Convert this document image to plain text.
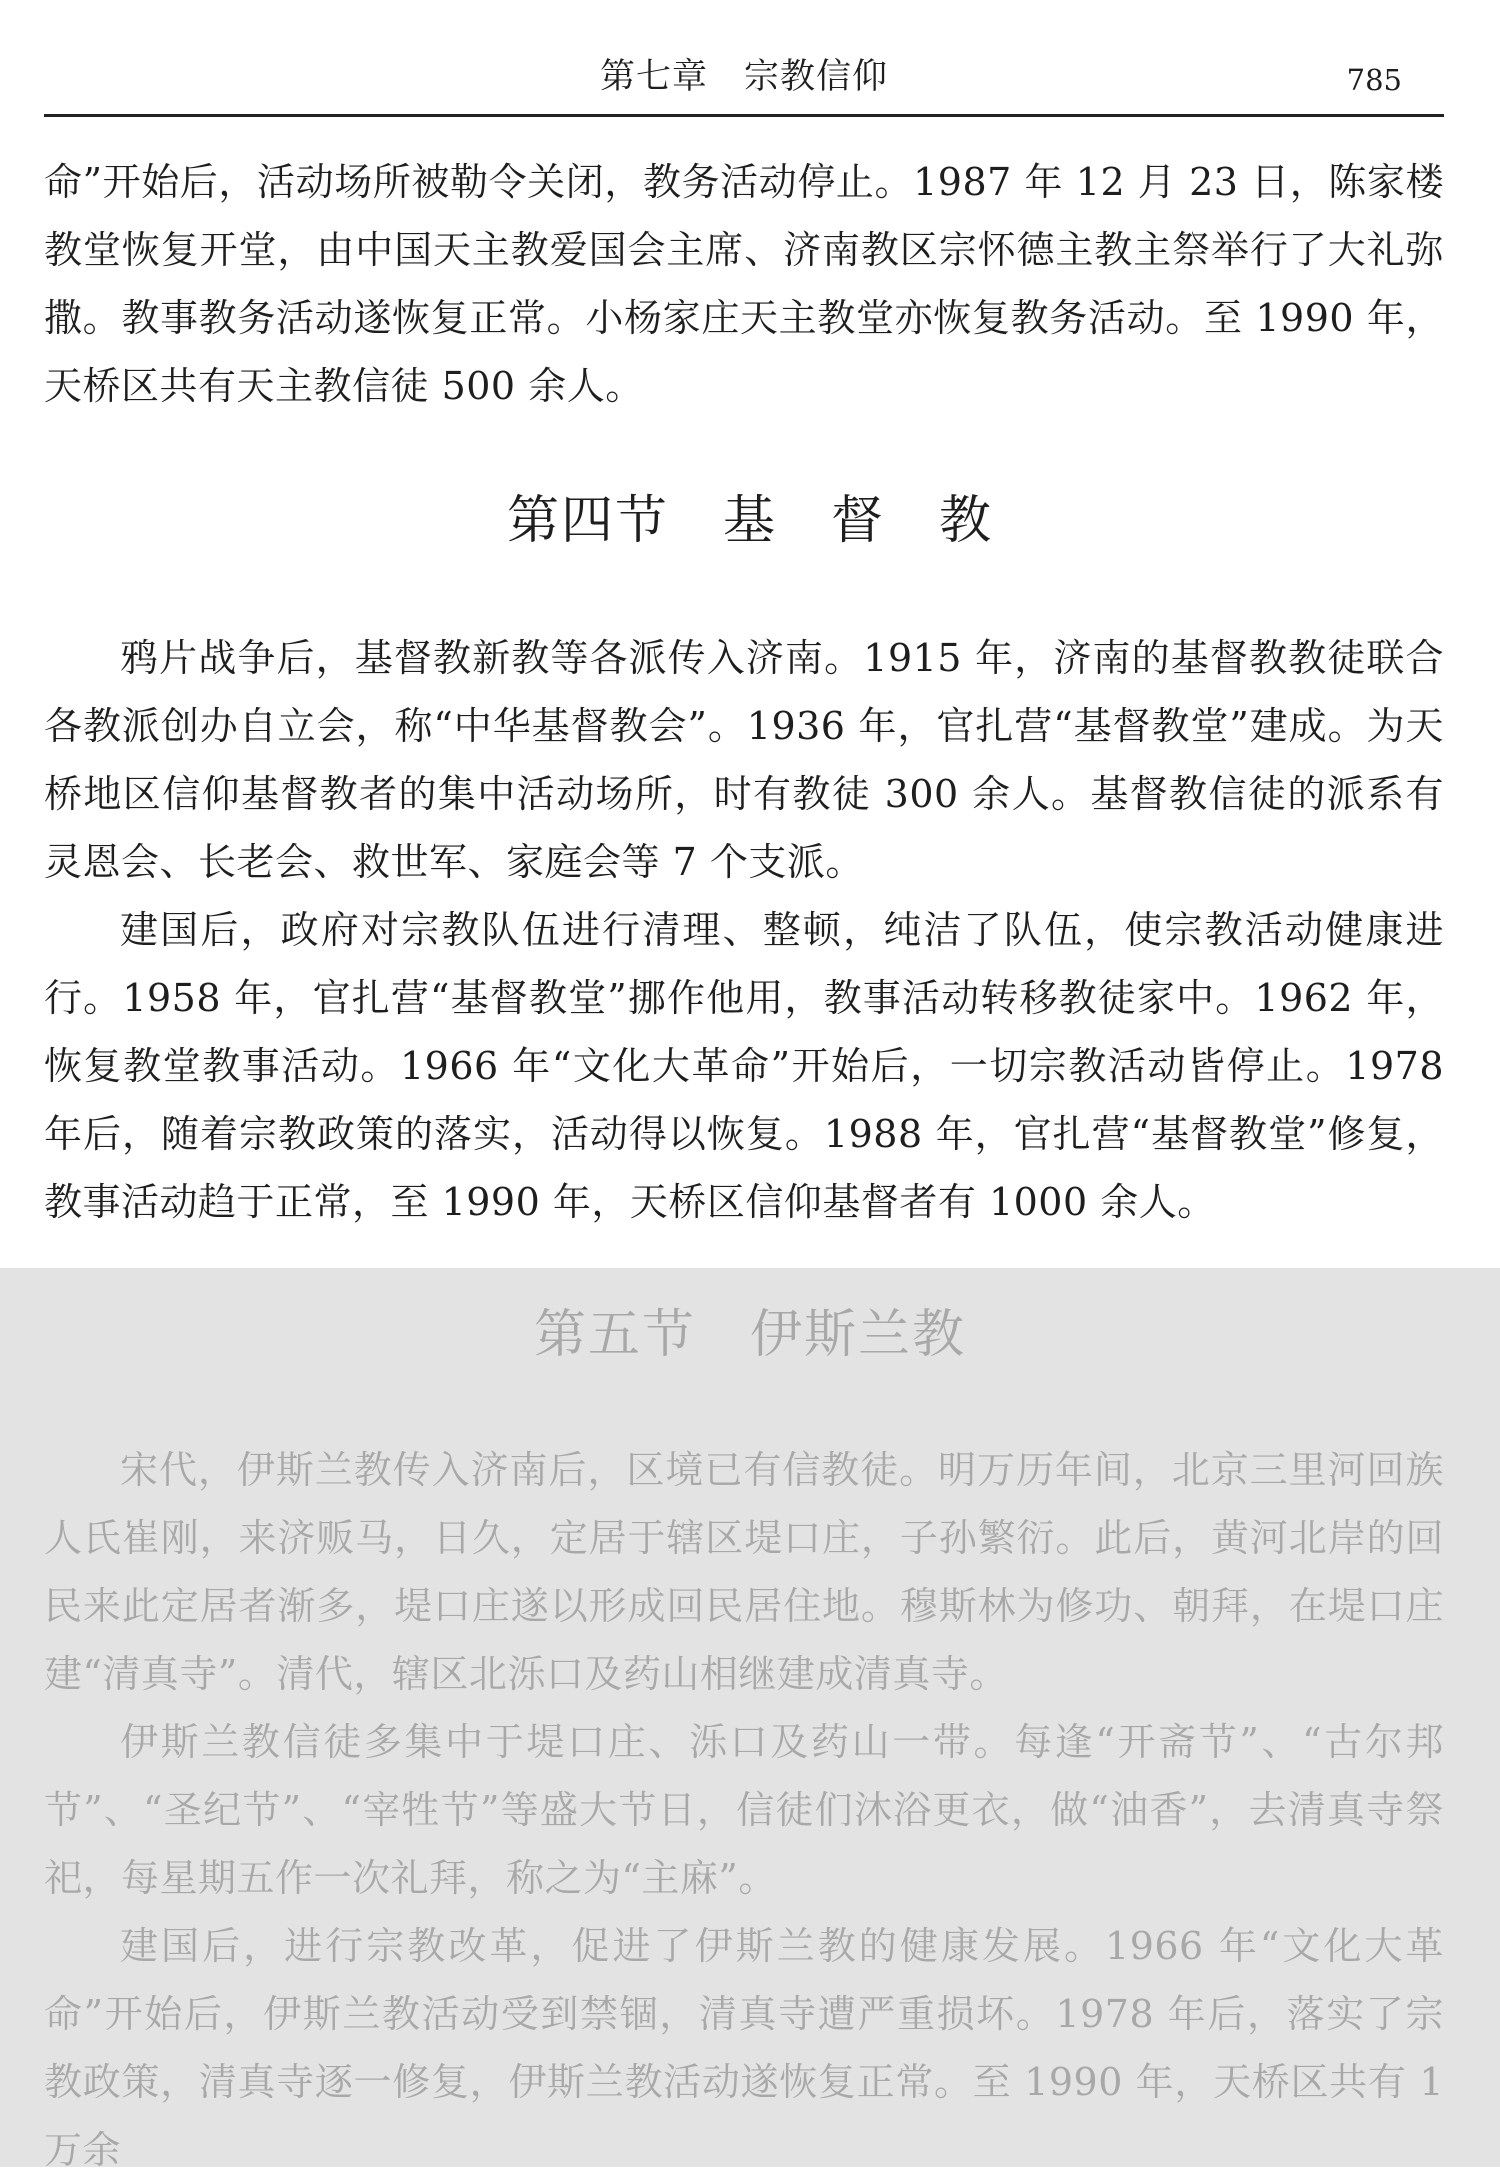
第七章　宗教信仰	785

命”开始后，活动场所被勒令关闭，教务活动停止。1987 年 12 月 23 日，陈家楼教堂恢复开堂，由中国天主教爱国会主席、济南教区宗怀德主教主祭举行了大礼弥撒。教事教务活动遂恢复正常。小杨家庄天主教堂亦恢复教务活动。至 1990 年，天桥区共有天主教信徒 500 余人。

第四节　基　督　教

鸦片战争后，基督教新教等各派传入济南。1915 年，济南的基督教教徒联合各教派创办自立会，称“中华基督教会”。1936 年，官扎营“基督教堂”建成。为天桥地区信仰基督教者的集中活动场所，时有教徒 300 余人。基督教信徒的派系有灵恩会、长老会、救世军、家庭会等 7 个支派。

建国后，政府对宗教队伍进行清理、整顿，纯洁了队伍，使宗教活动健康进行。1958 年，官扎营“基督教堂”挪作他用，教事活动转移教徒家中。1962 年，恢复教堂教事活动。1966 年“文化大革命”开始后，一切宗教活动皆停止。1978 年后，随着宗教政策的落实，活动得以恢复。1988 年，官扎营“基督教堂”修复，教事活动趋于正常，至 1990 年，天桥区信仰基督者有 1000 余人。

第五节　伊斯兰教

宋代，伊斯兰教传入济南后，区境已有信教徒。明万历年间，北京三里河回族人氏崔刚，来济贩马，日久，定居于辖区堤口庄，子孙繁衍。此后，黄河北岸的回民来此定居者渐多，堤口庄遂以形成回民居住地。穆斯林为修功、朝拜，在堤口庄建“清真寺”。清代，辖区北泺口及药山相继建成清真寺。

伊斯兰教信徒多集中于堤口庄、泺口及药山一带。每逢“开斋节”、“古尔邦节”、“圣纪节”、“宰牲节”等盛大节日，信徒们沐浴更衣，做“油香”，去清真寺祭祀，每星期五作一次礼拜，称之为“主麻”。

建国后，进行宗教改革，促进了伊斯兰教的健康发展。1966 年“文化大革命”开始后，伊斯兰教活动受到禁锢，清真寺遭严重损坏。1978 年后，落实了宗教政策，清真寺逐一修复，伊斯兰教活动遂恢复正常。至 1990 年，天桥区共有 1 万余
